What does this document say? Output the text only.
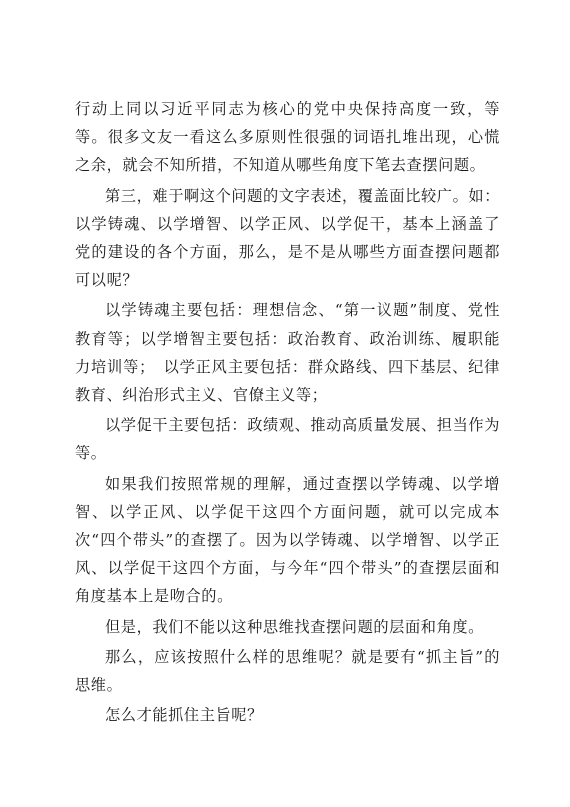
行动上同以习近平同志为核心的党中央保持高度一致，等等。很多文友一看这么多原则性很强的词语扎堆出现，心慌之余，就会不知所措，不知道从哪些角度下笔去查摆问题。

第三，难于啊这个问题的文字表述，覆盖面比较广。如：以学铸魂、以学增智、以学正风、以学促干，基本上涵盖了党的建设的各个方面，那么，是不是从哪些方面查摆问题都可以呢？

以学铸魂主要包括：理想信念、“第一议题”制度、党性教育等；以学增智主要包括：政治教育、政治训练、履职能力培训等；　以学正风主要包括：群众路线、四下基层、纪律教育、纠治形式主义、官僚主义等；

以学促干主要包括：政绩观、推动高质量发展、担当作为等。

如果我们按照常规的理解，通过查摆以学铸魂、以学增智、以学正风、以学促干这四个方面问题，就可以完成本次“四个带头”的查摆了。因为以学铸魂、以学增智、以学正风、以学促干这四个方面，与今年“四个带头”的查摆层面和角度基本上是吻合的。

但是，我们不能以这种思维找查摆问题的层面和角度。

那么，应该按照什么样的思维呢？就是要有“抓主旨”的思维。

怎么才能抓住主旨呢？
